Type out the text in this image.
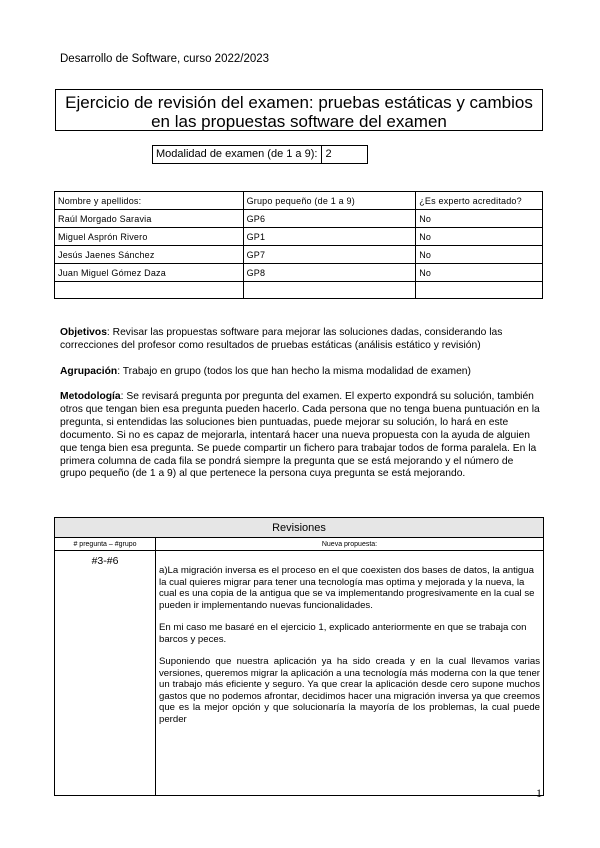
Desarrollo de Software, curso 2022/2023
Ejercicio de revisión del examen: pruebas estáticas y cambios
en las propuestas software del examen
Modalidad de examen (de 1 a 9): 2
Nombre y apellidos:	Grupo pequeño (de 1 a 9)	¿Es experto acreditado?
Raúl Morgado Saravia	GP6	No
Miguel Asprón Rivero	GP1	No
Jesús Jaenes Sánchez	GP7	No
Juan Miguel Gómez Daza	GP8	No

Objetivos: Revisar las propuestas software para mejorar las soluciones dadas, considerando las correcciones del profesor como resultados de pruebas estáticas (análisis estático y revisión)
Agrupación: Trabajo en grupo (todos los que han hecho la misma modalidad de examen)
Metodología: Se revisará pregunta por pregunta del examen. El experto expondrá su solución, también otros que tengan bien esa pregunta pueden hacerlo. Cada persona que no tenga buena puntuación en la pregunta, si entendidas las soluciones bien puntuadas, puede mejorar su solución, lo hará en este documento. Si no es capaz de mejorarla, intentará hacer una nueva propuesta con la ayuda de alguien que tenga bien esa pregunta. Se puede compartir un fichero para trabajar todos de forma paralela. En la primera columna de cada fila se pondrá siempre la pregunta que se está mejorando y el número de grupo pequeño (de 1 a 9) al que pertenece la persona cuya pregunta se está mejorando.
Revisiones	
# pregunta – #grupo	Nueva propuesta:
#3-#6	a)La migración inversa es el proceso en el que coexisten dos bases de datos, la antigua la cual quieres migrar para tener una tecnología mas optima y mejorada y la nueva, la cual es una copia de la antigua que se va implementando progresivamente en la cual se pueden ir implementando nuevas funcionalidades.

En mi caso me basaré en el ejercicio 1, explicado anteriormente en que se trabaja con barcos y peces.

Suponiendo que nuestra aplicación ya ha sido creada y en la cual llevamos varias versiones, queremos migrar la aplicación a una tecnología más moderna con la que tener un trabajo más eficiente y seguro. Ya que crear la aplicación desde cero supone muchos gastos que no podemos afrontar, decidimos hacer una migración inversa ya que creemos que es la mejor opción y que solucionaría la mayoría de los problemas, la cual puede perder

1
